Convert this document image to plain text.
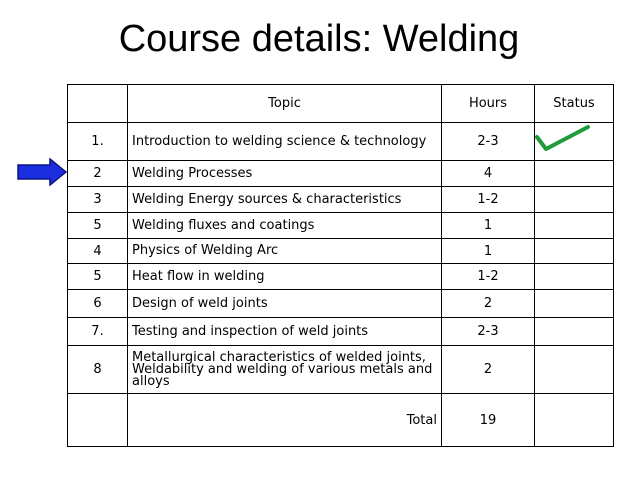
Course details: Welding
	Topic	Hours	Status
1.	Introduction to welding science & technology	2-3	
2	Welding Processes	4	
3	Welding Energy sources & characteristics	1-2	
5	Welding fluxes and coatings	1	
4	Physics of Welding Arc	1	
5	Heat flow in welding	1-2	
6	Design of weld joints	2	
7.	Testing and inspection of weld joints	2-3	
8	Metallurgical characteristics of welded joints, Weldability and welding of various metals and alloys	2	
	Total	19	
